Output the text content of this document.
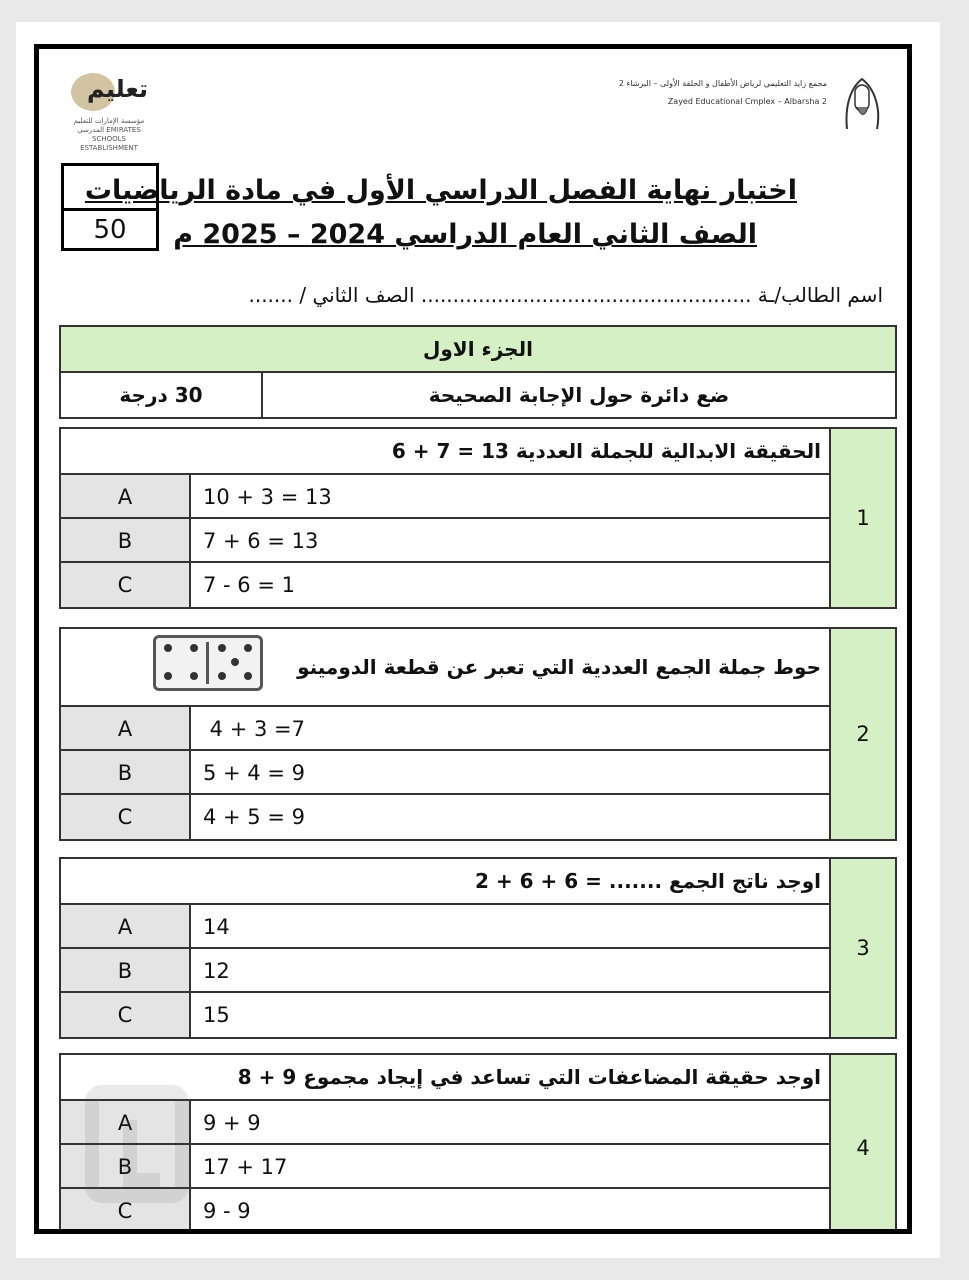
تعليم
مؤسسة الإمارات للتعليم المدرسي EMIRATES SCHOOLS ESTABLISHMENT
مجمع زايد التعليمي لرياض الأطفال و الحلقة الأولى – البرشاء 2
Zayed Educational Cmplex – Albarsha 2
50
اختبار نهاية الفصل الدراسي الأول في مادة الرياضيات
الصف الثاني العام الدراسي 2024 – 2025 م
اسم الطالب/ـة .................................................... الصف الثاني / .......
الجزء الاول
ضع دائرة حول الإجابة الصحيحة
30 درجة
1
الحقيقة الابدالية للجملة العددية 13 = 7 + 6
A	10 + 3 = 13
B	7 + 6 = 13
C	7 - 6 = 1
2
حوط جملة الجمع العددية التي تعبر عن قطعة الدومينو
A	4 + 3 =7
B	5 + 4 = 9
C	4 + 5 = 9
3
اوجد ناتج الجمع ....... = 6 + 6 + 2
A	14
B	12
C	15
4
اوجد حقيقة المضاعفات التي تساعد في إيجاد مجموع 9 + 8
A	9 + 9
B	17 + 17
C	9 - 9
